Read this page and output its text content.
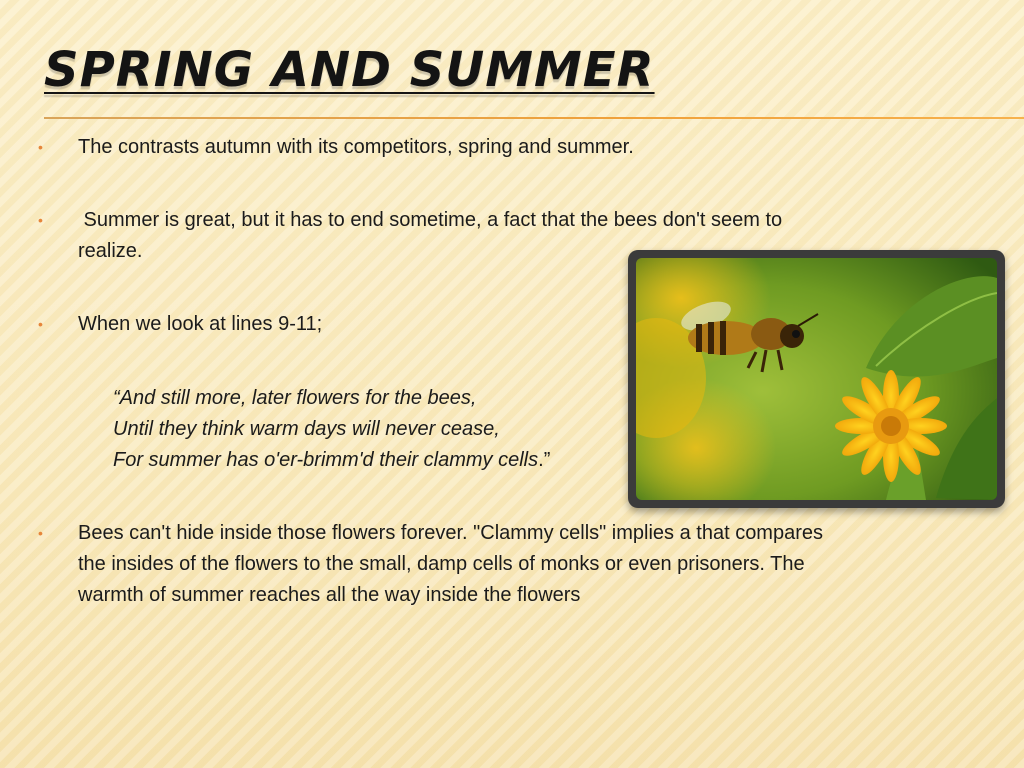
SPRING AND SUMMER
• The contrasts autumn with its competitors, spring and summer.
• Summer is great, but it has to end sometime, a fact that the bees don't seem to
realize.
• When we look at lines 9-11;
“And still more, later flowers for the bees,
Until they think warm days will never cease,
For summer has o'er-brimm'd their clammy cells.”
• Bees can't hide inside those flowers forever. "Clammy cells" implies a that compares
the insides of the flowers to the small, damp cells of monks or even prisoners. The
warmth of summer reaches all the way inside the flowers
